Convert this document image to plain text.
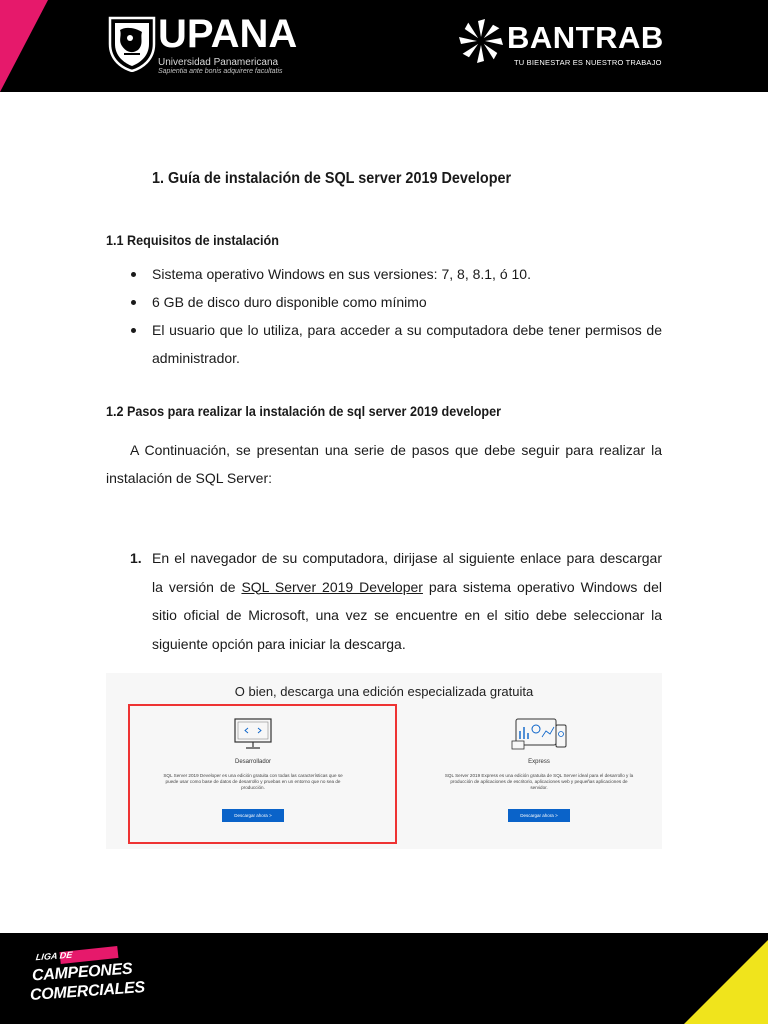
UPANA
Universidad Panamericana
Sapientia ante bonis adquirere facultatis
BANTRAB
TU BIENESTAR ES NUESTRO TRABAJO
1. Guía de instalación de SQL server 2019 Developer
1.1 Requisitos de instalación
Sistema operativo Windows en sus versiones: 7, 8, 8.1, ó 10.
6 GB de disco duro disponible como mínimo
El usuario que lo utiliza, para acceder a su computadora debe tener permisos de administrador.
1.2 Pasos para realizar la instalación de sql server 2019 developer
A Continuación, se presentan una serie de pasos que debe seguir para realizar la instalación de SQL Server:
1. En el navegador de su computadora, dirijase al siguiente enlace para descargar la versión de SQL Server 2019 Developer para sistema operativo Windows del sitio oficial de Microsoft, una vez se encuentre en el sitio debe seleccionar la siguiente opción para iniciar la descarga.
O bien, descarga una edición especializada gratuita
Desarrollador
SQL Server 2019 Developer es una edición gratuita con todas las características que se puede usar como base de datos de desarrollo y pruebas en un entorno que no sea de producción.
Descargar ahora >
Express
SQL Server 2019 Express es una edición gratuita de SQL Server ideal para el desarrollo y la producción de aplicaciones de escritorio, aplicaciones web y pequeñas aplicaciones de servidor.
Descargar ahora >
LIGA DE
CAMPEONES
COMERCIALES
